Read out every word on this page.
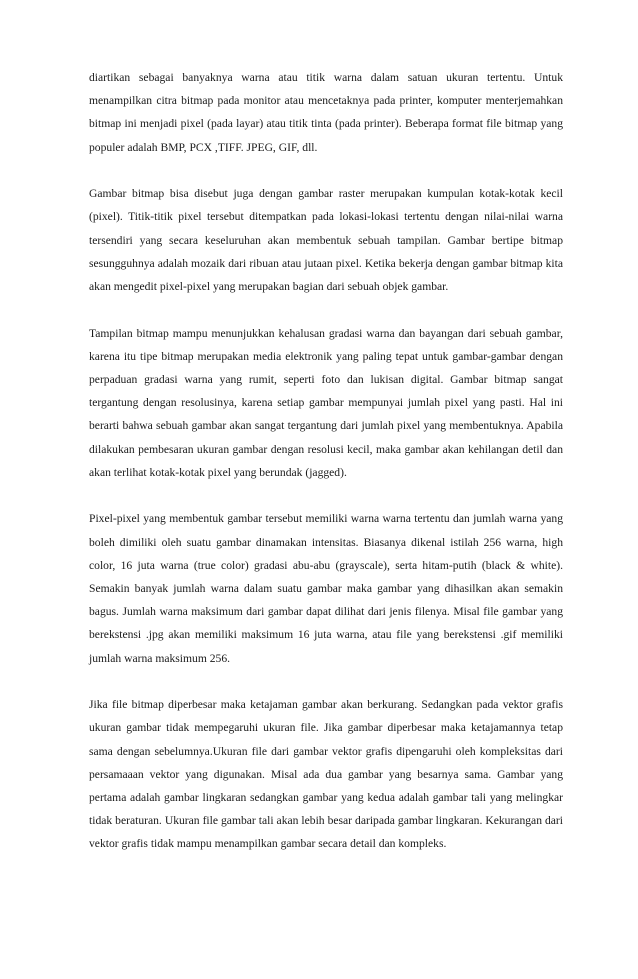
diartikan sebagai banyaknya warna atau titik warna dalam satuan ukuran tertentu. Untuk menampilkan citra bitmap pada monitor atau mencetaknya pada printer, komputer menterjemahkan bitmap ini menjadi pixel (pada layar) atau titik tinta (pada printer). Beberapa format file bitmap yang populer adalah BMP, PCX ,TIFF. JPEG, GIF, dll.

Gambar bitmap bisa disebut juga dengan gambar raster merupakan kumpulan kotak-kotak kecil (pixel). Titik-titik pixel tersebut ditempatkan pada lokasi-lokasi tertentu dengan nilai-nilai warna tersendiri yang secara keseluruhan akan membentuk sebuah tampilan. Gambar bertipe bitmap sesungguhnya adalah mozaik dari ribuan atau jutaan pixel. Ketika bekerja dengan gambar bitmap kita akan mengedit pixel-pixel yang merupakan bagian dari sebuah objek gambar.

Tampilan bitmap mampu menunjukkan kehalusan gradasi warna dan bayangan dari sebuah gambar, karena itu tipe bitmap merupakan media elektronik yang paling tepat untuk gambar-gambar dengan perpaduan gradasi warna yang rumit, seperti foto dan lukisan digital. Gambar bitmap sangat tergantung dengan resolusinya, karena setiap gambar mempunyai jumlah pixel yang pasti. Hal ini berarti bahwa sebuah gambar akan sangat tergantung dari jumlah pixel yang membentuknya. Apabila dilakukan pembesaran ukuran gambar dengan resolusi kecil, maka gambar akan kehilangan detil dan akan terlihat kotak-kotak pixel yang berundak (jagged).

Pixel-pixel yang membentuk gambar tersebut memiliki warna warna tertentu dan jumlah warna yang boleh dimiliki oleh suatu gambar dinamakan intensitas. Biasanya dikenal istilah 256 warna, high color, 16 juta warna (true color) gradasi abu-abu (grayscale), serta hitam-putih (black & white). Semakin banyak jumlah warna dalam suatu gambar maka gambar yang dihasilkan akan semakin bagus. Jumlah warna maksimum dari gambar dapat dilihat dari jenis filenya. Misal file gambar yang berekstensi .jpg akan memiliki maksimum 16 juta warna, atau file yang berekstensi .gif memiliki jumlah warna maksimum 256.

Jika file bitmap diperbesar maka ketajaman gambar akan berkurang. Sedangkan pada vektor grafis ukuran gambar tidak mempegaruhi ukuran file. Jika gambar diperbesar maka ketajamannya tetap sama dengan sebelumnya.Ukuran file dari gambar vektor grafis dipengaruhi oleh kompleksitas dari persamaaan vektor yang digunakan. Misal ada dua gambar yang besarnya sama. Gambar yang pertama adalah gambar lingkaran sedangkan gambar yang kedua adalah gambar tali yang melingkar tidak beraturan. Ukuran file gambar tali akan lebih besar daripada gambar lingkaran. Kekurangan dari vektor grafis tidak mampu menampilkan gambar secara detail dan kompleks.
